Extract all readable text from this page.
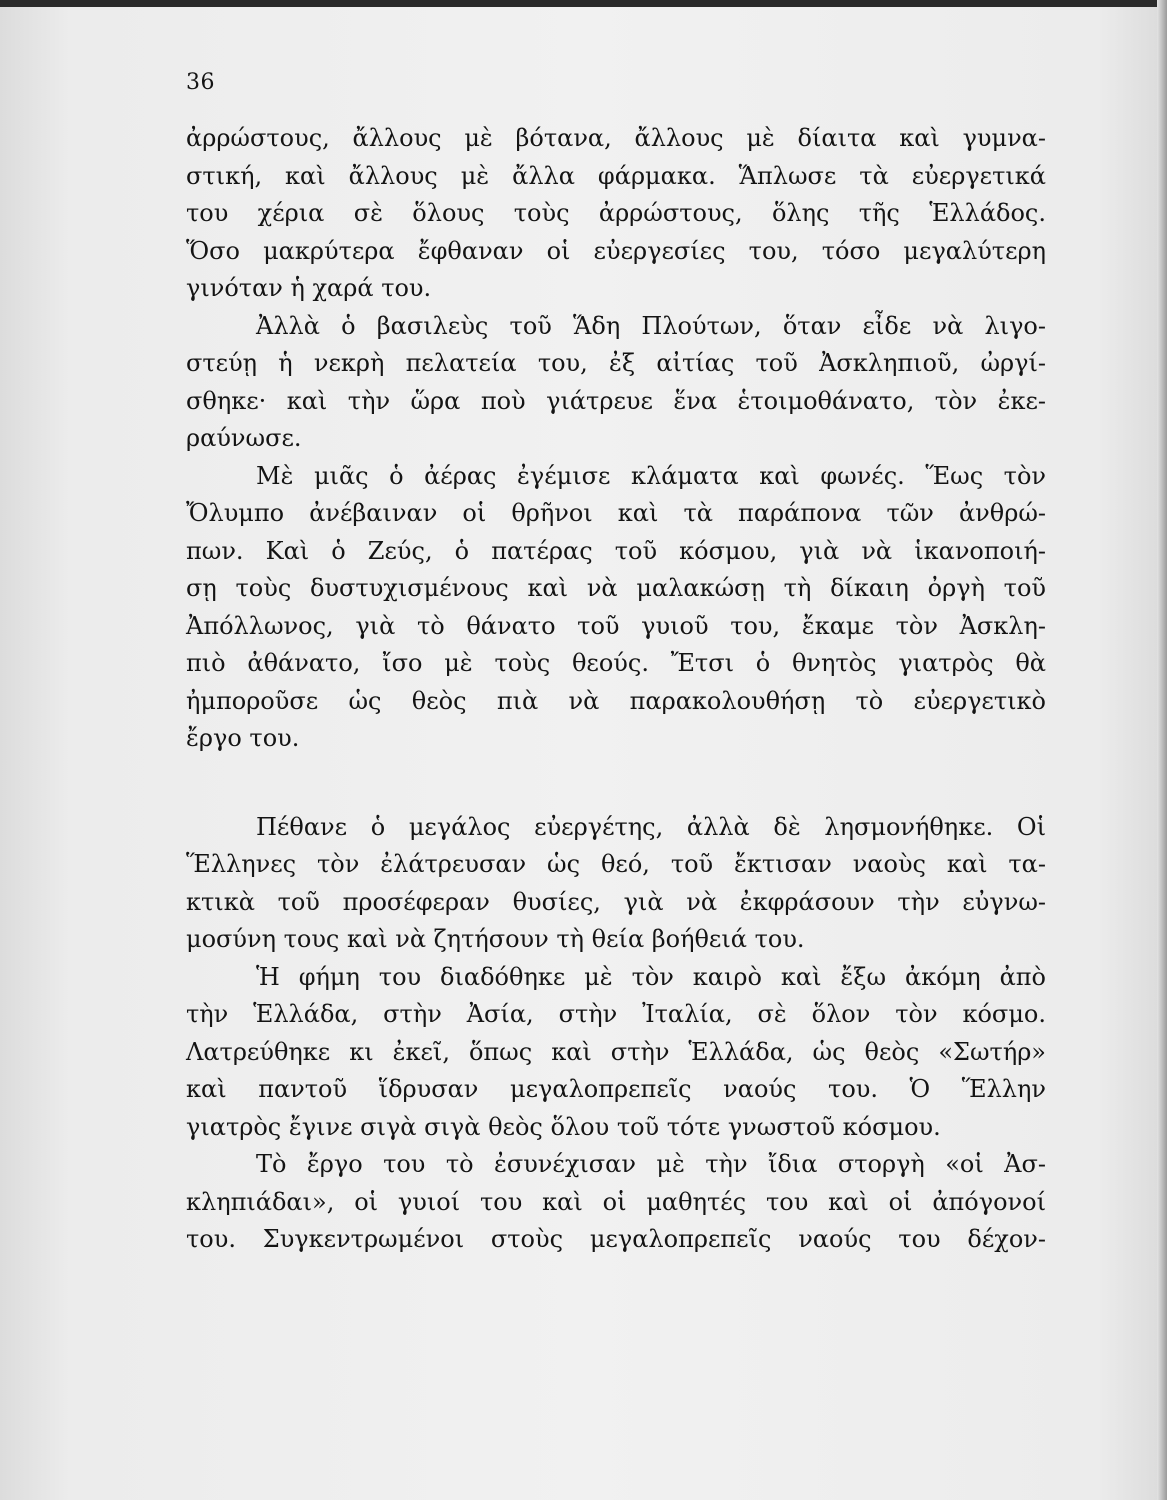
36
ἀρρώστους, ἄλλους μὲ βότανα, ἄλλους μὲ δίαιτα καὶ γυμνα-
στική, καὶ ἄλλους μὲ ἄλλα φάρμακα. Ἅπλωσε τὰ εὐεργετικά
του χέρια σὲ ὅλους τοὺς ἀρρώστους, ὅλης τῆς Ἑλλάδος.
Ὅσο μακρύτερα ἔφθαναν οἱ εὐεργεσίες του, τόσο μεγαλύτερη
γινόταν ἡ χαρά του.
Ἀλλὰ ὁ βασιλεὺς τοῦ Ἅδη Πλούτων, ὅταν εἶδε νὰ λιγο-
στεύῃ ἡ νεκρὴ πελατεία του, ἐξ αἰτίας τοῦ Ἀσκληπιοῦ, ὠργί-
σθηκε· καὶ τὴν ὥρα ποὺ γιάτρευε ἕνα ἑτοιμοθάνατο, τὸν ἐκε-
ραύνωσε.
Μὲ μιᾶς ὁ ἀέρας ἐγέμισε κλάματα καὶ φωνές. Ἕως τὸν
Ὄλυμπο ἀνέβαιναν οἱ θρῆνοι καὶ τὰ παράπονα τῶν ἀνθρώ-
πων. Καὶ ὁ Ζεύς, ὁ πατέρας τοῦ κόσμου, γιὰ νὰ ἱκανοποιή-
σῃ τοὺς δυστυχισμένους καὶ νὰ μαλακώσῃ τὴ δίκαιη ὀργὴ τοῦ
Ἀπόλλωνος, γιὰ τὸ θάνατο τοῦ γυιοῦ του, ἔκαμε τὸν Ἀσκλη-
πιὸ ἀθάνατο, ἴσο μὲ τοὺς θεούς. Ἔτσι ὁ θνητὸς γιατρὸς θὰ
ἠμποροῦσε ὡς θεὸς πιὰ νὰ παρακολουθήσῃ τὸ εὐεργετικὸ
ἔργο του.
Πέθανε ὁ μεγάλος εὐεργέτης, ἀλλὰ δὲ λησμονήθηκε. Οἱ
Ἕλληνες τὸν ἐλάτρευσαν ὡς θεό, τοῦ ἔκτισαν ναοὺς καὶ τα-
κτικὰ τοῦ προσέφεραν θυσίες, γιὰ νὰ ἐκφράσουν τὴν εὐγνω-
μοσύνη τους καὶ νὰ ζητήσουν τὴ θεία βοήθειά του.
Ἡ φήμη του διαδόθηκε μὲ τὸν καιρὸ καὶ ἔξω ἀκόμη ἀπὸ
τὴν Ἑλλάδα, στὴν Ἀσία, στὴν Ἰταλία, σὲ ὅλον τὸν κόσμο.
Λατρεύθηκε κι ἐκεῖ, ὅπως καὶ στὴν Ἑλλάδα, ὡς θεὸς «Σωτήρ»
καὶ παντοῦ ἵδρυσαν μεγαλοπρεπεῖς ναούς του. Ὁ Ἕλλην
γιατρὸς ἔγινε σιγὰ σιγὰ θεὸς ὅλου τοῦ τότε γνωστοῦ κόσμου.
Τὸ ἔργο του τὸ ἐσυνέχισαν μὲ τὴν ἴδια στοργὴ «οἱ Ἀσ-
κληπιάδαι», οἱ γυιοί του καὶ οἱ μαθητές του καὶ οἱ ἀπόγονοί
του. Συγκεντρωμένοι στοὺς μεγαλοπρεπεῖς ναούς του δέχον-
